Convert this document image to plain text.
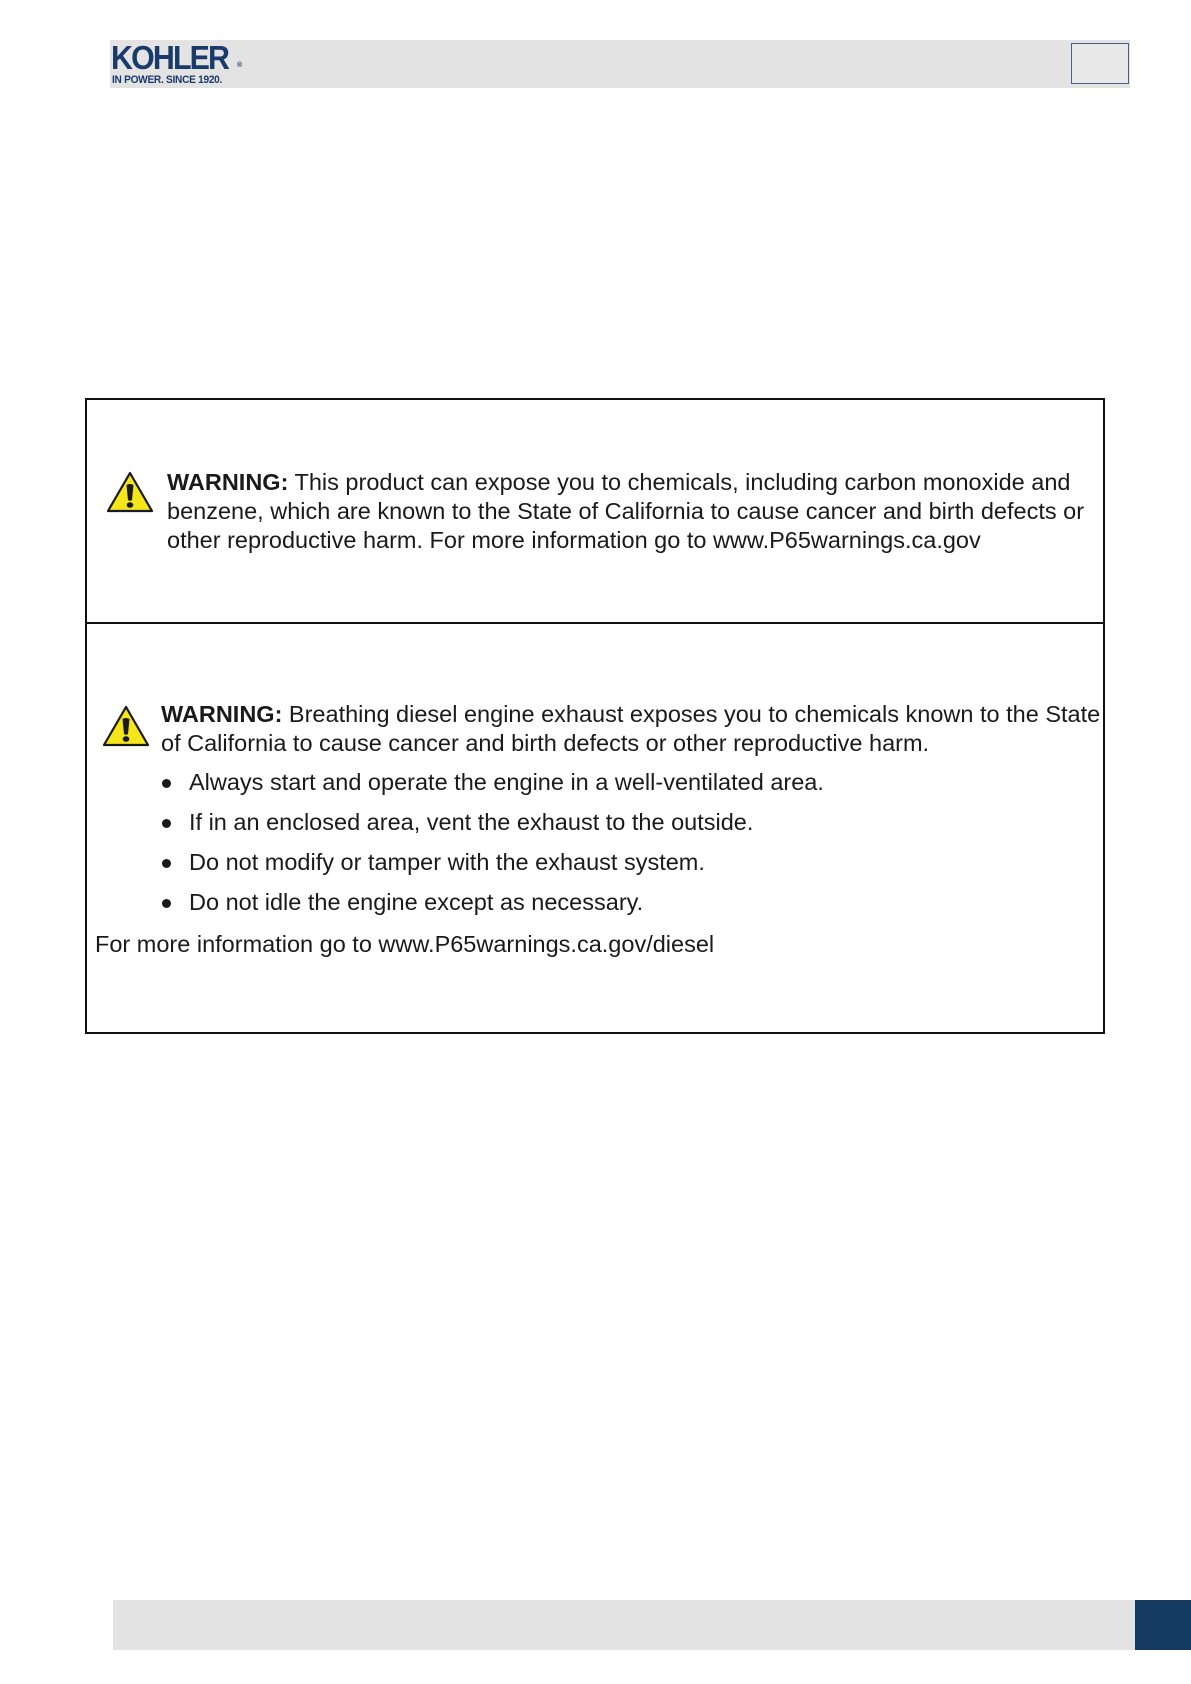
KOHLER ®
IN POWER. SINCE 1920.
WARNING: This product can expose you to chemicals, including carbon monoxide and benzene, which are known to the State of California to cause cancer and birth defects or other reproductive harm. For more information go to www.P65warnings.ca.gov
WARNING: Breathing diesel engine exhaust exposes you to chemicals known to the State of California to cause cancer and birth defects or other reproductive harm.
Always start and operate the engine in a well-ventilated area.
If in an enclosed area, vent the exhaust to the outside.
Do not modify or tamper with the exhaust system.
Do not idle the engine except as necessary.
For more information go to www.P65warnings.ca.gov/diesel
